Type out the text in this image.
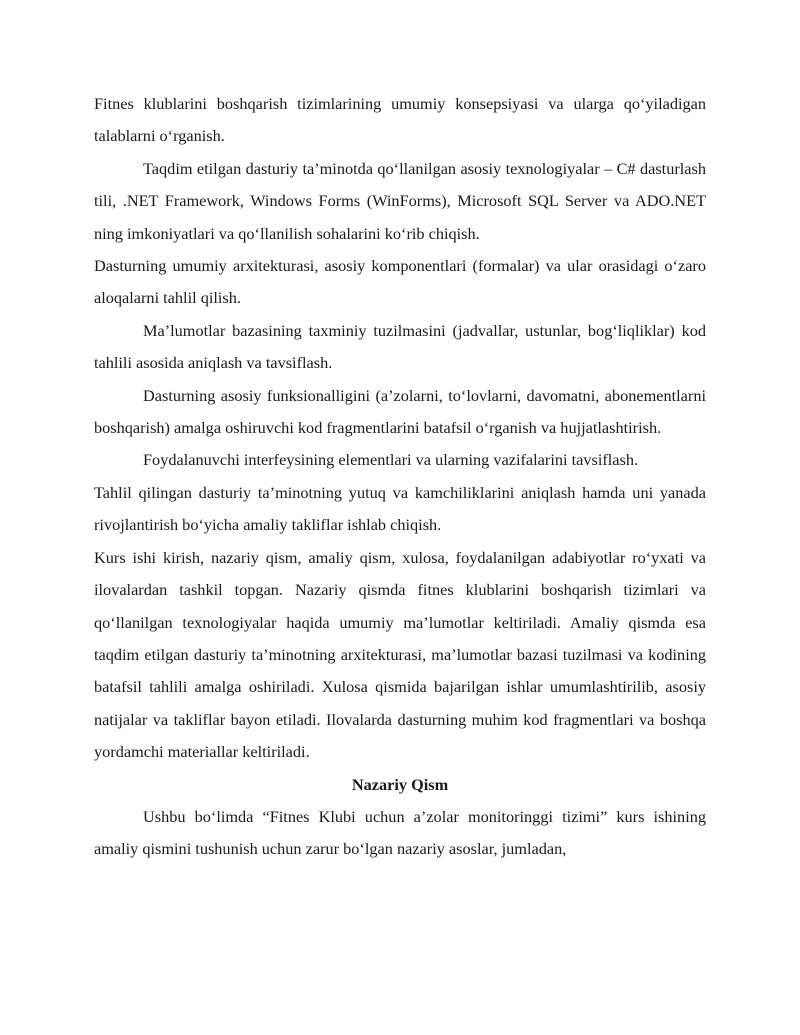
Fitnes klublarini boshqarish tizimlarining umumiy konsepsiyasi va ularga qoʻyiladigan talablarni oʻrganish.

Taqdim etilgan dasturiy taʼminotda qoʻllanilgan asosiy texnologiyalar – C# dasturlash tili, .NET Framework, Windows Forms (WinForms), Microsoft SQL Server va ADO.NET ning imkoniyatlari va qoʻllanilish sohalarini koʻrib chiqish.

Dasturning umumiy arxitekturasi, asosiy komponentlari (formalar) va ular orasidagi oʻzaro aloqalarni tahlil qilish.

Maʼlumotlar bazasining taxminiy tuzilmasini (jadvallar, ustunlar, bogʻliqliklar) kod tahlili asosida aniqlash va tavsiflash.

Dasturning asosiy funksionalligini (aʼzolarni, toʻlovlarni, davomatni, abonementlarni boshqarish) amalga oshiruvchi kod fragmentlarini batafsil oʻrganish va hujjatlashtirish.

Foydalanuvchi interfeysining elementlari va ularning vazifalarini tavsiflash.

Tahlil qilingan dasturiy taʼminotning yutuq va kamchiliklarini aniqlash hamda uni yanada rivojlantirish boʻyicha amaliy takliflar ishlab chiqish.

Kurs ishi kirish, nazariy qism, amaliy qism, xulosa, foydalanilgan adabiyotlar roʻyxati va ilovalardan tashkil topgan. Nazariy qismda fitnes klublarini boshqarish tizimlari va qoʻllanilgan texnologiyalar haqida umumiy maʼlumotlar keltiriladi. Amaliy qismda esa taqdim etilgan dasturiy taʼminotning arxitekturasi, maʼlumotlar bazasi tuzilmasi va kodining batafsil tahlili amalga oshiriladi. Xulosa qismida bajarilgan ishlar umumlashtirilib, asosiy natijalar va takliflar bayon etiladi. Ilovalarda dasturning muhim kod fragmentlari va boshqa yordamchi materiallar keltiriladi.

Nazariy Qism

Ushbu boʻlimda “Fitnes Klubi uchun aʼzolar monitoringgi tizimi” kurs ishining amaliy qismini tushunish uchun zarur boʻlgan nazariy asoslar, jumladan,
